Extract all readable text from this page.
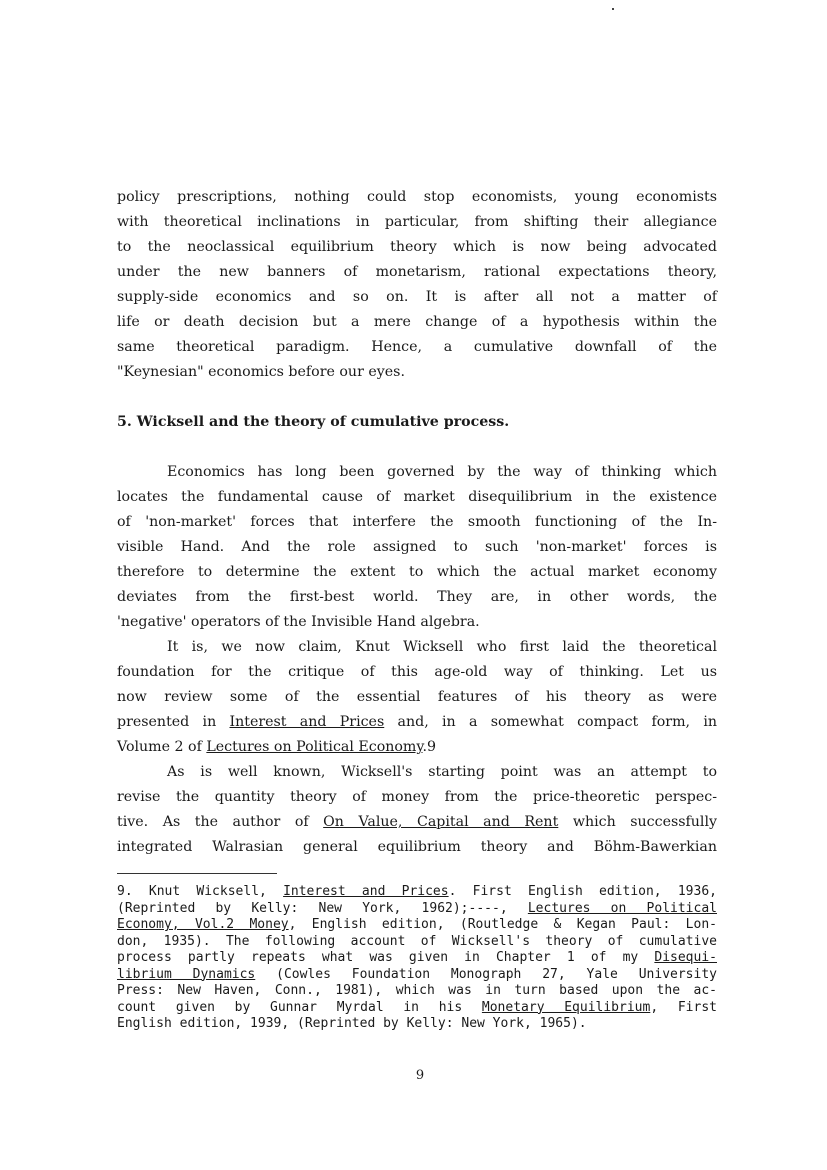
policy prescriptions, nothing could stop economists, young economists
with theoretical inclinations in particular, from shifting their allegiance
to the neoclassical equilibrium theory which is now being advocated
under the new banners of monetarism, rational expectations theory,
supply-side economics and so on. It is after all not a matter of
life or death decision but a mere change of a hypothesis within the
same theoretical paradigm. Hence, a cumulative downfall of the
"Keynesian" economics before our eyes.
5. Wicksell and the theory of cumulative process.
Economics has long been governed by the way of thinking which
locates the fundamental cause of market disequilibrium in the existence
of 'non-market' forces that interfere the smooth functioning of the In-
visible Hand. And the role assigned to such 'non-market' forces is
therefore to determine the extent to which the actual market economy
deviates from the first-best world. They are, in other words, the
'negative' operators of the Invisible Hand algebra.
It is, we now claim, Knut Wicksell who first laid the theoretical
foundation for the critique of this age-old way of thinking. Let us
now review some of the essential features of his theory as were
presented in Interest and Prices and, in a somewhat compact form, in
Volume 2 of Lectures on Political Economy.9
As is well known, Wicksell's starting point was an attempt to
revise the quantity theory of money from the price-theoretic perspec-
tive. As the author of On Value, Capital and Rent which successfully
integrated Walrasian general equilibrium theory and Böhm-Bawerkian
9. Knut Wicksell, Interest and Prices. First English edition, 1936,
(Reprinted by Kelly: New York, 1962);----, Lectures on Political
Economy, Vol.2 Money, English edition, (Routledge & Kegan Paul: Lon-
don, 1935). The following account of Wicksell's theory of cumulative
process partly repeats what was given in Chapter 1 of my Disequi-
librium Dynamics (Cowles Foundation Monograph 27, Yale University
Press: New Haven, Conn., 1981), which was in turn based upon the ac-
count given by Gunnar Myrdal in his Monetary Equilibrium, First
English edition, 1939, (Reprinted by Kelly: New York, 1965).
9
